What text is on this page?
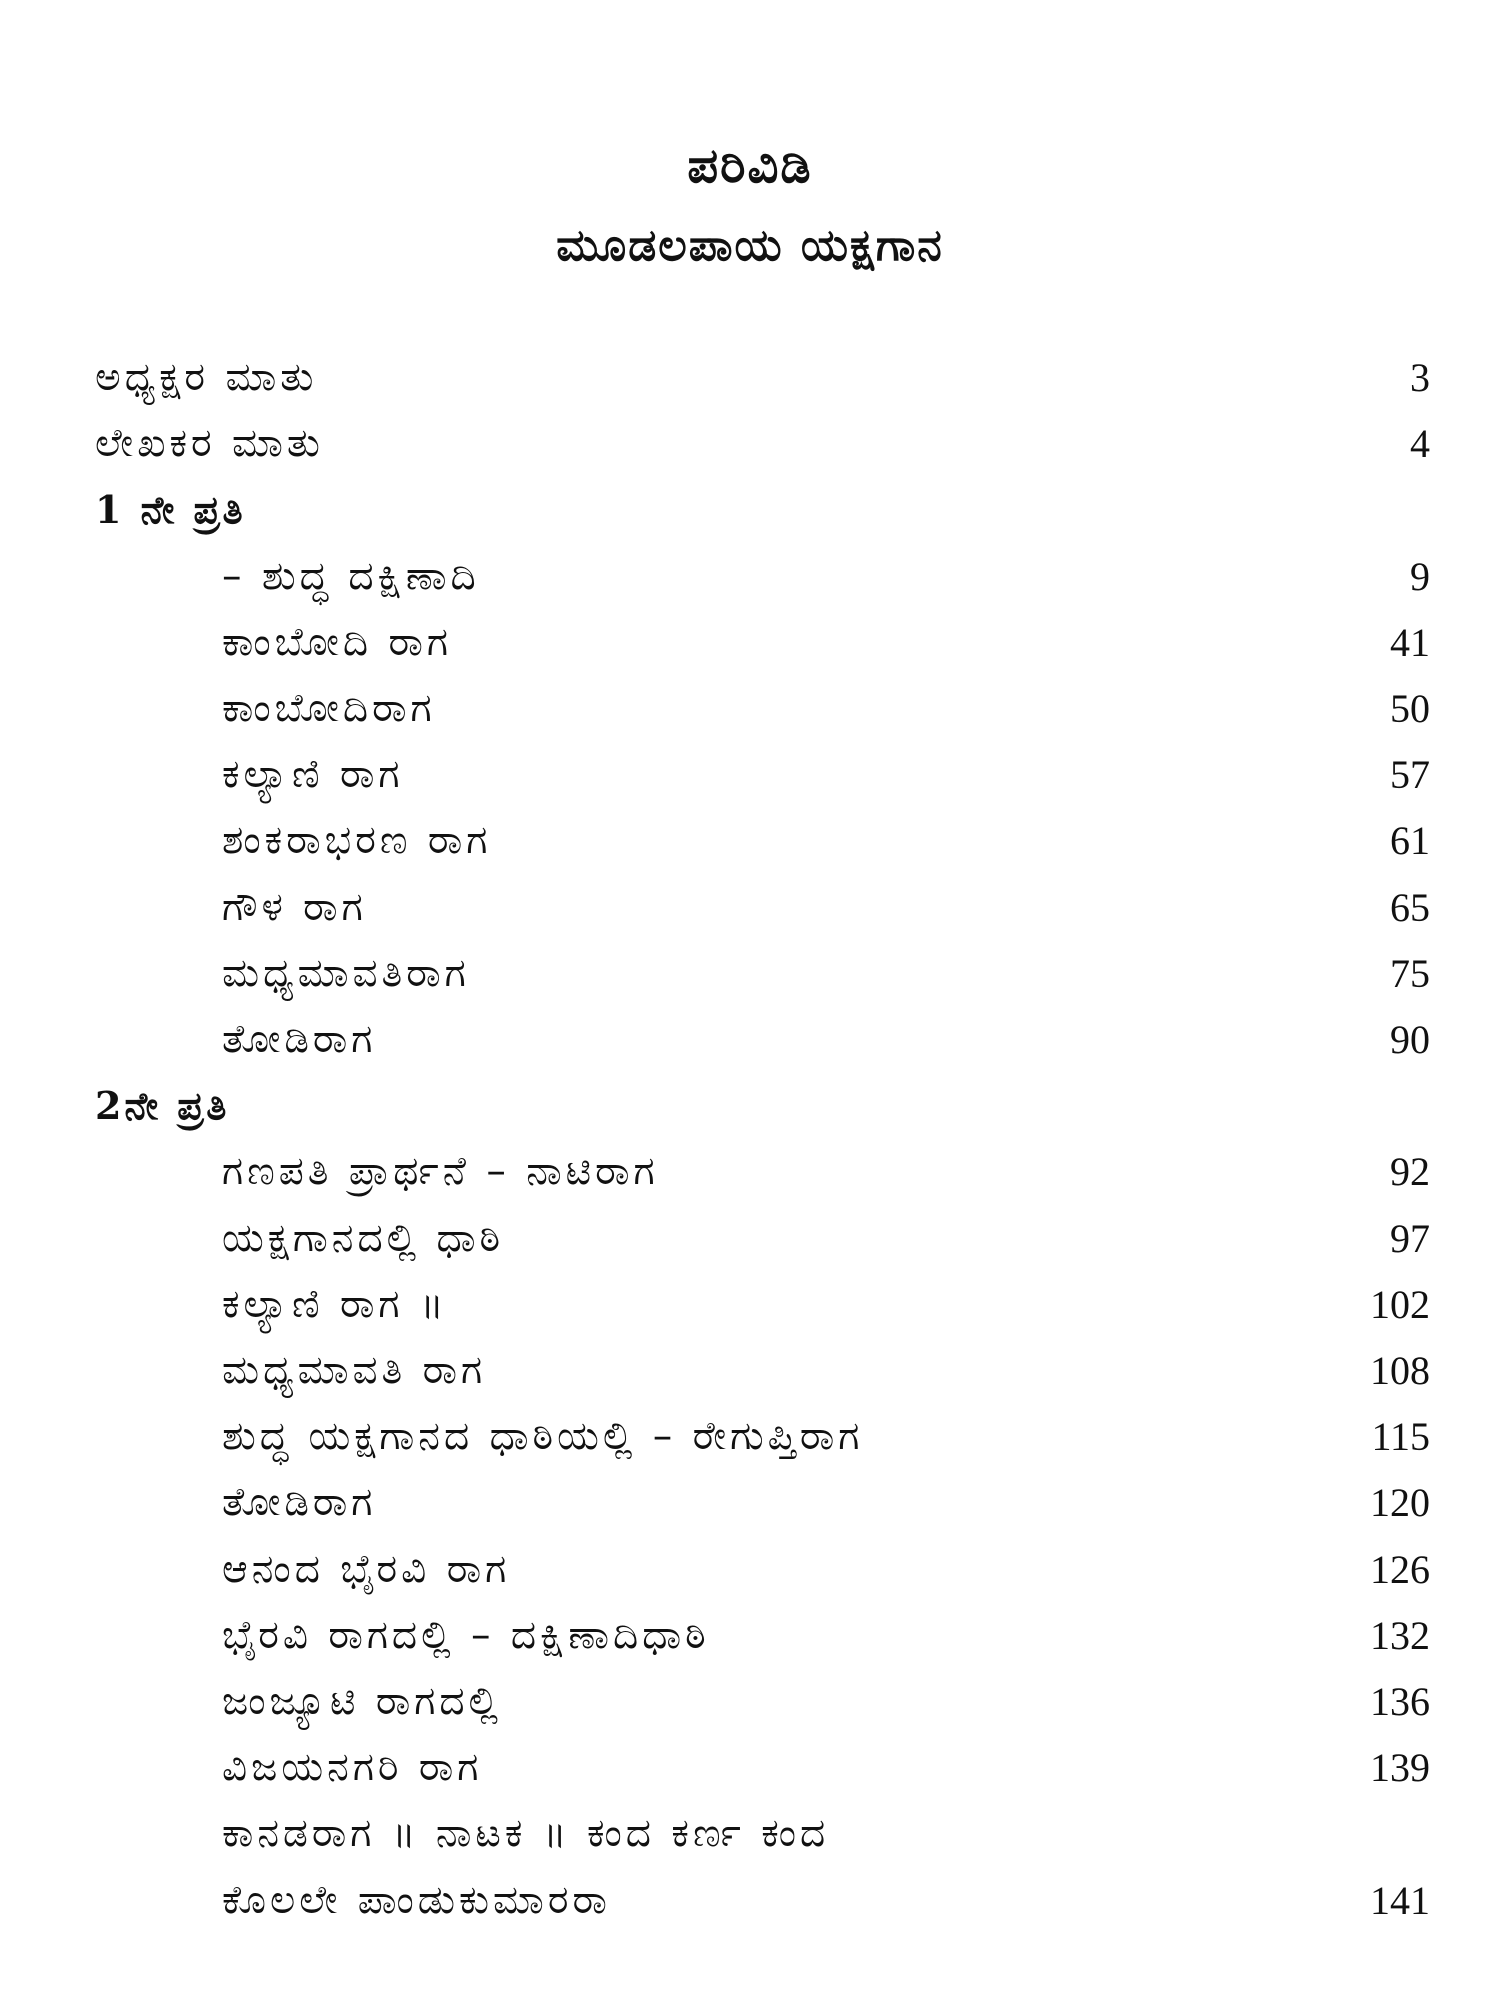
ಪರಿವಿಡಿ
ಮೂಡಲಪಾಯ ಯಕ್ಷಗಾನ
ಅಧ್ಯಕ್ಷರ ಮಾತು	3
ಲೇಖಕರ ಮಾತು	4
1 ನೇ ಪ್ರತಿ
– ಶುದ್ಧ ದಕ್ಷಿಣಾದಿ	9
ಕಾಂಬೋದಿ ರಾಗ	41
ಕಾಂಬೋದಿರಾಗ	50
ಕಲ್ಯಾಣಿ ರಾಗ	57
ಶಂಕರಾಭರಣ ರಾಗ	61
ಗೌಳ ರಾಗ	65
ಮಧ್ಯಮಾವತಿರಾಗ	75
ತೋಡಿರಾಗ	90
2ನೇ ಪ್ರತಿ
ಗಣಪತಿ ಪ್ರಾರ್ಥನೆ – ನಾಟಿರಾಗ	92
ಯಕ್ಷಗಾನದಲ್ಲಿ ಧಾಠಿ	97
ಕಲ್ಯಾಣಿ ರಾಗ ॥	102
ಮಧ್ಯಮಾವತಿ ರಾಗ	108
ಶುದ್ಧ ಯಕ್ಷಗಾನದ ಧಾಠಿಯಲ್ಲಿ – ರೇಗುಪ್ತಿರಾಗ	115
ತೋಡಿರಾಗ	120
ಆನಂದ ಭೈರವಿ ರಾಗ	126
ಭೈರವಿ ರಾಗದಲ್ಲಿ – ದಕ್ಷಿಣಾದಿಧಾಠಿ	132
ಜಂಜ್ಯೂಟಿ ರಾಗದಲ್ಲಿ	136
ವಿಜಯನಗರಿ ರಾಗ	139
ಕಾನಡರಾಗ ॥ ನಾಟಕ ॥ ಕಂದ ಕರ್ಣ ಕಂದ
ಕೊಲಲೇ ಪಾಂಡುಕುಮಾರರಾ	141
